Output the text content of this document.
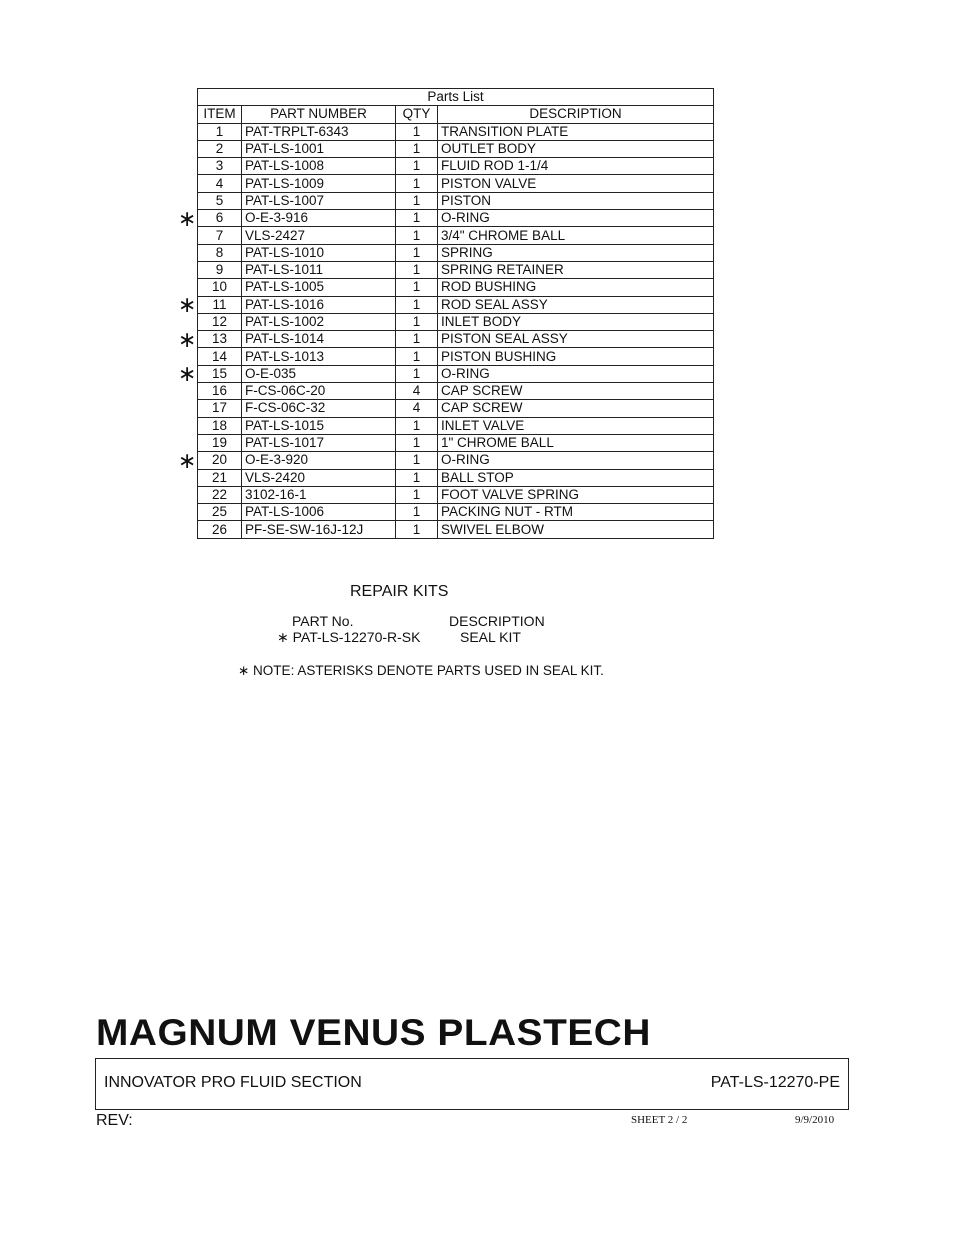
Parts List			
ITEM	PART NUMBER	QTY	DESCRIPTION
1	PAT-TRPLT-6343	1	TRANSITION PLATE
2	PAT-LS-1001	1	OUTLET BODY
3	PAT-LS-1008	1	FLUID ROD 1-1/4
4	PAT-LS-1009	1	PISTON VALVE
5	PAT-LS-1007	1	PISTON
6	O-E-3-916	1	O-RING
7	VLS-2427	1	3/4" CHROME BALL
8	PAT-LS-1010	1	SPRING
9	PAT-LS-1011	1	SPRING RETAINER
10	PAT-LS-1005	1	ROD BUSHING
11	PAT-LS-1016	1	ROD SEAL ASSY
12	PAT-LS-1002	1	INLET BODY
13	PAT-LS-1014	1	PISTON SEAL ASSY
14	PAT-LS-1013	1	PISTON BUSHING
15	O-E-035	1	O-RING
16	F-CS-06C-20	4	CAP SCREW
17	F-CS-06C-32	4	CAP SCREW
18	PAT-LS-1015	1	INLET VALVE
19	PAT-LS-1017	1	1" CHROME BALL
20	O-E-3-920	1	O-RING
21	VLS-2420	1	BALL STOP
22	3102-16-1	1	FOOT VALVE SPRING
25	PAT-LS-1006	1	PACKING NUT - RTM
26	PF-SE-SW-16J-12J	1	SWIVEL ELBOW
∗
∗
∗
∗
∗
REPAIR KITS
PART No.	DESCRIPTION
∗ PAT-LS-12270-R-SK	SEAL KIT
∗ NOTE: ASTERISKS DENOTE PARTS USED IN SEAL KIT.
MAGNUM VENUS PLASTECH
INNOVATOR PRO FLUID SECTION	PAT-LS-12270-PE
REV:	SHEET 2 / 2	9/9/2010
